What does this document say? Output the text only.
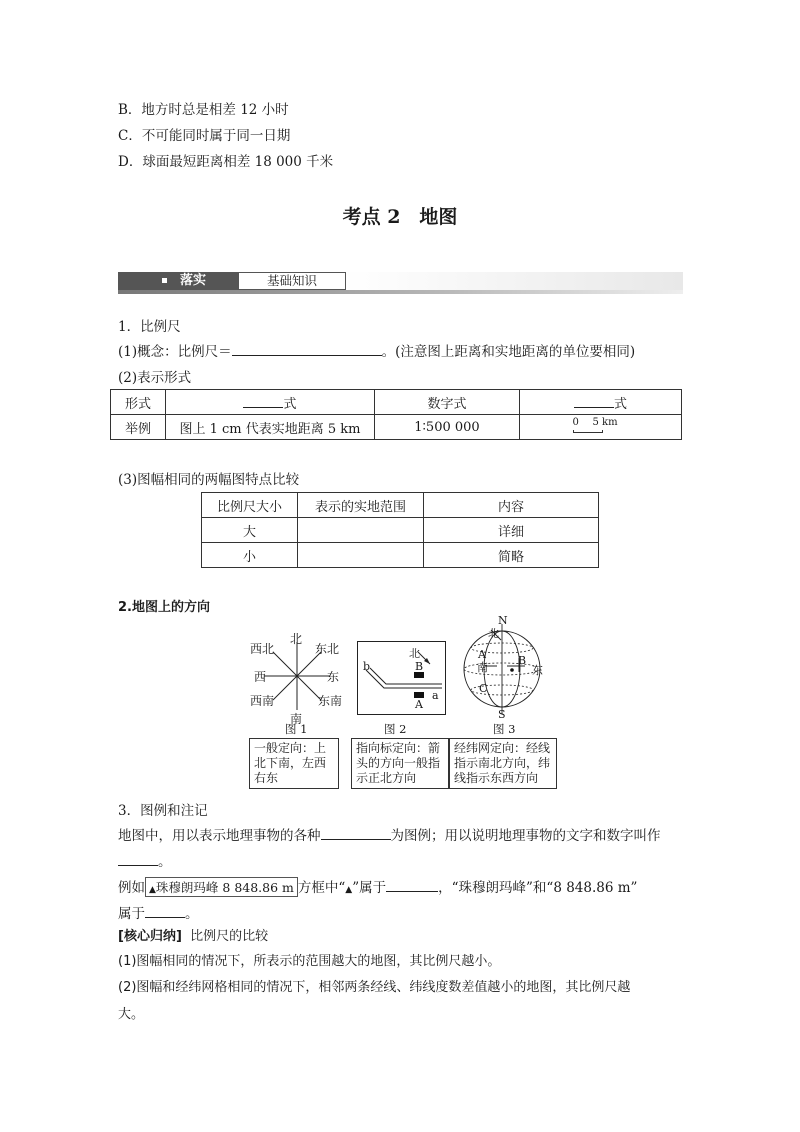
B．地方时总是相差 12 小时
C．不可能同时属于同一日期
D．球面最短距离相差 18 000 千米
考点 2　地图
落实	基础知识
1．比例尺
(1)概念：比例尺＝	。(注意图上距离和实地距离的单位要相同)
(2)表示形式
形式	式	数字式	式
举例	图上 1 cm 代表实地距离 5 km	1∶500 000	0 5 km
(3)图幅相同的两幅图特点比较
比例尺大小	表示的实地范围	内容
大		详细
小		简略
2.地图上的方向
北
东北
东
东南
南
西南
西
西北
图 1
北
b	B
a
A
图 2
N
S
北
A
南
B
东
C
图 3
一般定向：上北下南，左西右东
指向标定向：箭头的方向一般指示正北方向
经纬网定向：经线指示南北方向，纬线指示东西方向
3．图例和注记
地图中，用以表示地理事物的各种	为图例；用以说明地理事物的文字和数字叫作
。
例如 ▲珠穆朗玛峰 8 848.86 m 方框中“▲”属于	，“珠穆朗玛峰”和“8 848.86 m”
属于	。
[核心归纳] 比例尺的比较
(1)图幅相同的情况下，所表示的范围越大的地图，其比例尺越小。
(2)图幅和经纬网格相同的情况下，相邻两条经线、纬线度数差值越小的地图，其比例尺越
大。
